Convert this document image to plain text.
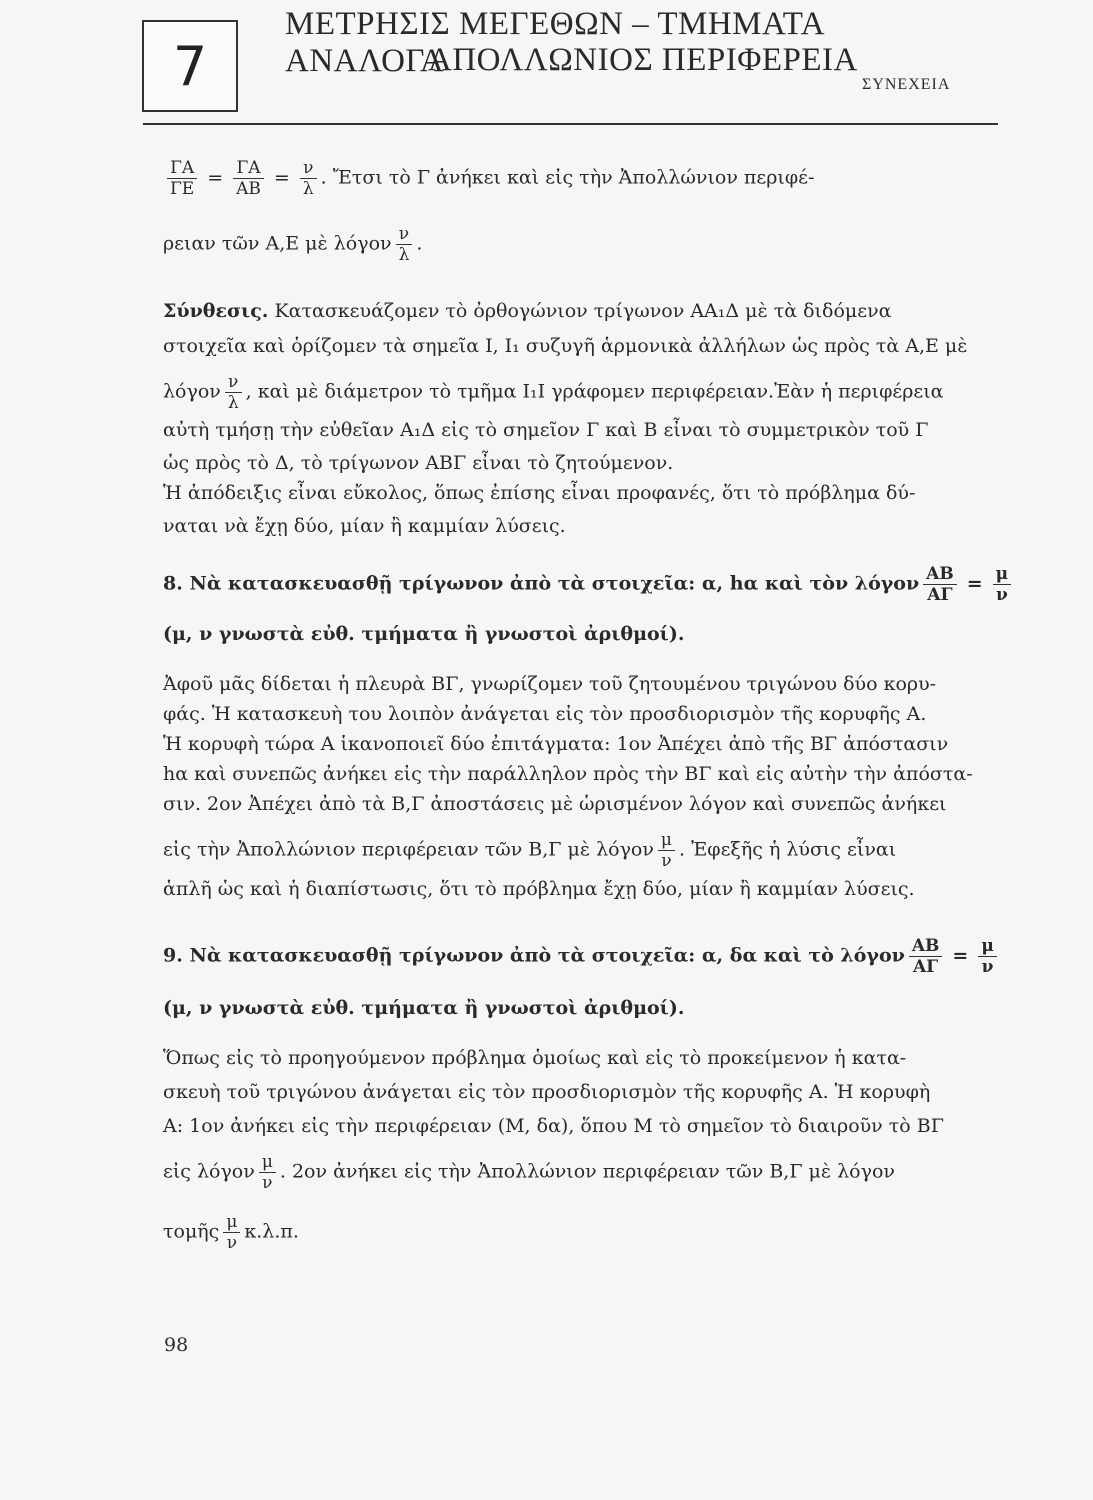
7
ΜΕΤΡΗΣΙΣ ΜΕΓΕΘΩΝ – ΤΜΗΜΑΤΑ ΑΝΑΛΟΓΑ
ΑΠΟΛΛΩΝΙΟΣ ΠΕΡΙΦΕΡΕΙΑ
ΣΥΝΕΧΕΙΑ
$\frac{\Gamma A}{\Gamma E} = \frac{\Gamma A}{AB} = \frac{\nu}{\lambda}$ . Ἔτσι τὸ Γ ἀνήκει καὶ εἰς τὴν Ἀπολλώνιον περιφέ-
ρειαν τῶν Α,Ε μὲ λόγον $\frac{\nu}{\lambda}$ .
Σύνθεσις. Κατασκευάζομεν τὸ ὀρθογώνιον τρίγωνον ΑΑ₁Δ μὲ τὰ διδόμενα
στοιχεῖα καὶ ὁρίζομεν τὰ σημεῖα Ι, Ι₁ συζυγῆ ἁρμονικὰ ἀλλήλων ὡς πρὸς τὰ Α,Ε μὲ
λόγον $\frac{\nu}{\lambda}$ , καὶ μὲ διάμετρον τὸ τμῆμα Ι₁Ι γράφομεν περιφέρειαν.Ἐὰν ἡ περιφέρεια
αὐτὴ τμήσῃ τὴν εὐθεῖαν Α₁Δ εἰς τὸ σημεῖον Γ καὶ Β εἶναι τὸ συμμετρικὸν τοῦ Γ
ὡς πρὸς τὸ Δ, τὸ τρίγωνον ΑΒΓ εἶναι τὸ ζητούμενον.
Ἡ ἀπόδειξις εἶναι εὔκολος, ὅπως ἐπίσης εἶναι προφανές, ὅτι τὸ πρόβλημα δύ-
ναται νὰ ἔχῃ δύο, μίαν ἢ καμμίαν λύσεις.
8. Νὰ κατασκευασθῇ τρίγωνον ἀπὸ τὰ στοιχεῖα: α, hα καὶ τὸν λόγον $\frac{AB}{A\Gamma} = \frac{\mu}{\nu}$
(μ, ν γνωστὰ εὐθ. τμήματα ἢ γνωστοὶ ἀριθμοί).
Ἀφοῦ μᾶς δίδεται ἡ πλευρὰ ΒΓ, γνωρίζομεν τοῦ ζητουμένου τριγώνου δύο κορυ-
φάς. Ἡ κατασκευὴ του λοιπὸν ἀνάγεται εἰς τὸν προσδιορισμὸν τῆς κορυφῆς Α.
Ἡ κορυφὴ τώρα Α ἱκανοποιεῖ δύο ἐπιτάγματα: 1ον Ἀπέχει ἀπὸ τῆς ΒΓ ἀπόστασιν
hα καὶ συνεπῶς ἀνήκει εἰς τὴν παράλληλον πρὸς τὴν ΒΓ καὶ εἰς αὐτὴν τὴν ἀπόστα-
σιν. 2ον Ἀπέχει ἀπὸ τὰ Β,Γ ἀποστάσεις μὲ ὡρισμένον λόγον καὶ συνεπῶς ἀνήκει
εἰς τὴν Ἀπολλώνιον περιφέρειαν τῶν Β,Γ μὲ λόγον $\frac{\mu}{\nu}$ . Ἐφεξῆς ἡ λύσις εἶναι
ἁπλῆ ὡς καὶ ἡ διαπίστωσις, ὅτι τὸ πρόβλημα ἔχῃ δύο, μίαν ἢ καμμίαν λύσεις.
9. Νὰ κατασκευασθῇ τρίγωνον ἀπὸ τὰ στοιχεῖα: α, δα καὶ τὸ λόγον $\frac{AB}{A\Gamma} = \frac{\mu}{\nu}$
(μ, ν γνωστὰ εὐθ. τμήματα ἢ γνωστοὶ ἀριθμοί).
Ὅπως εἰς τὸ προηγούμενον πρόβλημα ὁμοίως καὶ εἰς τὸ προκείμενον ἡ κατα-
σκευὴ τοῦ τριγώνου ἀνάγεται εἰς τὸν προσδιορισμὸν τῆς κορυφῆς Α. Ἡ κορυφὴ
Α: 1ον ἀνήκει εἰς τὴν περιφέρειαν (Μ, δα), ὅπου Μ τὸ σημεῖον τὸ διαιροῦν τὸ ΒΓ
εἰς λόγον $\frac{\mu}{\nu}$ . 2ον ἀνήκει εἰς τὴν Ἀπολλώνιον περιφέρειαν τῶν Β,Γ μὲ λόγον
τομῆς $\frac{\mu}{\nu} \kappa.\lambda.\pi$.
98
